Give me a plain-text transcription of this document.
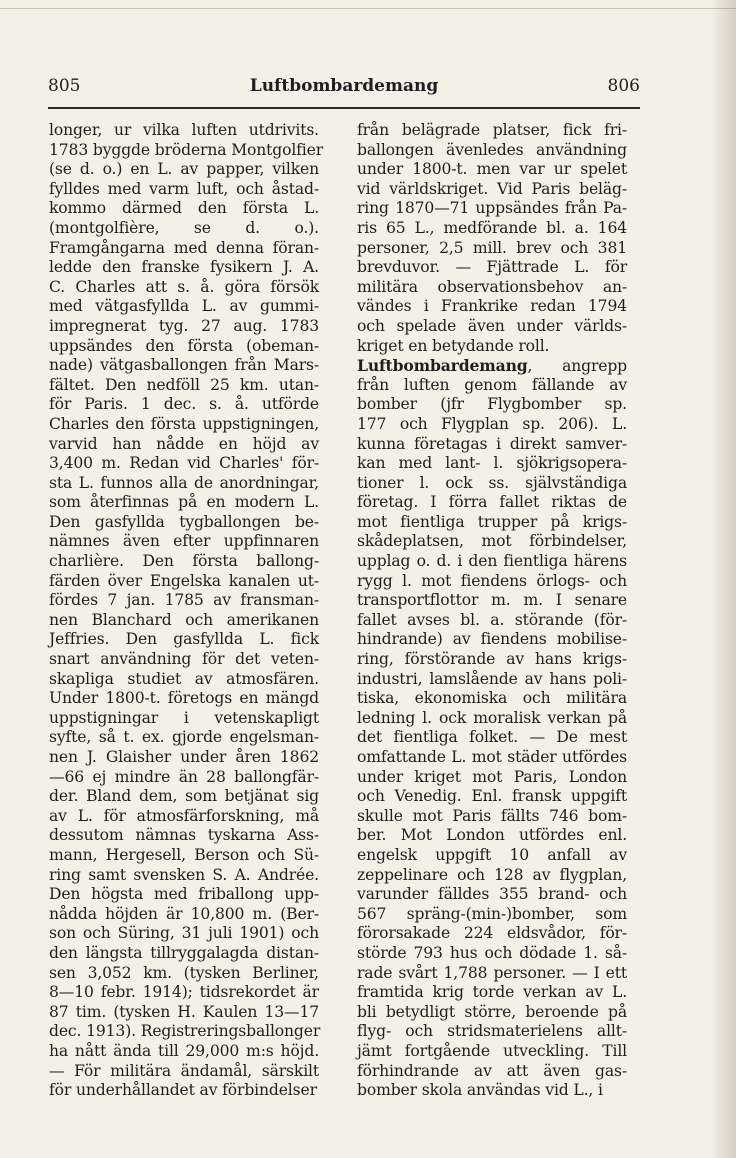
805	Luftbombardemang	806
longer, ur vilka luften utdrivits.
1783 byggde bröderna Montgolfier
(se d. o.) en L. av papper, vilken
fylldes med varm luft, och åstad-
kommo därmed den första L.
(montgolfière, se d. o.).
Framgångarna med denna föran-
ledde den franske fysikern J. A.
C. Charles att s. å. göra försök
med vätgasfyllda L. av gummi-
impregnerat tyg. 27 aug. 1783
uppsändes den första (obeman-
nade) vätgasballongen från Mars-
fältet. Den nedföll 25 km. utan-
för Paris. 1 dec. s. å. utförde
Charles den första uppstigningen,
varvid han nådde en höjd av
3,400 m. Redan vid Charles' för-
sta L. funnos alla de anordningar,
som återfinnas på en modern L.
Den gasfyllda tygballongen be-
nämnes även efter uppfinnaren
charlière. Den första ballong-
färden över Engelska kanalen ut-
fördes 7 jan. 1785 av fransman-
nen Blanchard och amerikanen
Jeffries. Den gasfyllda L. fick
snart användning för det veten-
skapliga studiet av atmosfären.
Under 1800-t. företogs en mängd
uppstigningar i vetenskapligt
syfte, så t. ex. gjorde engelsman-
nen J. Glaisher under åren 1862
—66 ej mindre än 28 ballongfär-
der. Bland dem, som betjänat sig
av L. för atmosfärforskning, må
dessutom nämnas tyskarna Ass-
mann, Hergesell, Berson och Sü-
ring samt svensken S. A. Andrée.
Den högsta med friballong upp-
nådda höjden är 10,800 m. (Ber-
son och Süring, 31 juli 1901) och
den längsta tillryggalagda distan-
sen 3,052 km. (tysken Berliner,
8—10 febr. 1914); tidsrekordet är
87 tim. (tysken H. Kaulen 13—17
dec. 1913). Registreringsballonger
ha nått ända till 29,000 m:s höjd.
— För militära ändamål, särskilt
för underhållandet av förbindelser
från belägrade platser, fick fri-
ballongen ävenledes användning
under 1800-t. men var ur spelet
vid världskriget. Vid Paris beläg-
ring 1870—71 uppsändes från Pa-
ris 65 L., medförande bl. a. 164
personer, 2,5 mill. brev och 381
brevduvor. — Fjättrade L. för
militära observationsbehov an-
vändes i Frankrike redan 1794
och spelade även under världs-
kriget en betydande roll.
Luftbombardemang, angrepp
från luften genom fällande av
bomber (jfr Flygbomber sp.
177 och Flygplan sp. 206). L.
kunna företagas i direkt samver-
kan med lant- l. sjökrigsopera-
tioner l. ock ss. självständiga
företag. I förra fallet riktas de
mot fientliga trupper på krigs-
skådeplatsen, mot förbindelser,
upplag o. d. i den fientliga härens
rygg l. mot fiendens örlogs- och
transportflottor m. m. I senare
fallet avses bl. a. störande (för-
hindrande) av fiendens mobilise-
ring, förstörande av hans krigs-
industri, lamslående av hans poli-
tiska, ekonomiska och militära
ledning l. ock moralisk verkan på
det fientliga folket. — De mest
omfattande L. mot städer utfördes
under kriget mot Paris, London
och Venedig. Enl. fransk uppgift
skulle mot Paris fällts 746 bom-
ber. Mot London utfördes enl.
engelsk uppgift 10 anfall av
zeppelinare och 128 av flygplan,
varunder fälldes 355 brand- och
567 spräng-(min-)bomber, som
förorsakade 224 eldsvådor, för-
störde 793 hus och dödade 1. så-
rade svårt 1,788 personer. — I ett
framtida krig torde verkan av L.
bli betydligt större, beroende på
flyg- och stridsmaterielens allt-
jämt fortgående utveckling. Till
förhindrande av att även gas-
bomber skola användas vid L., i
